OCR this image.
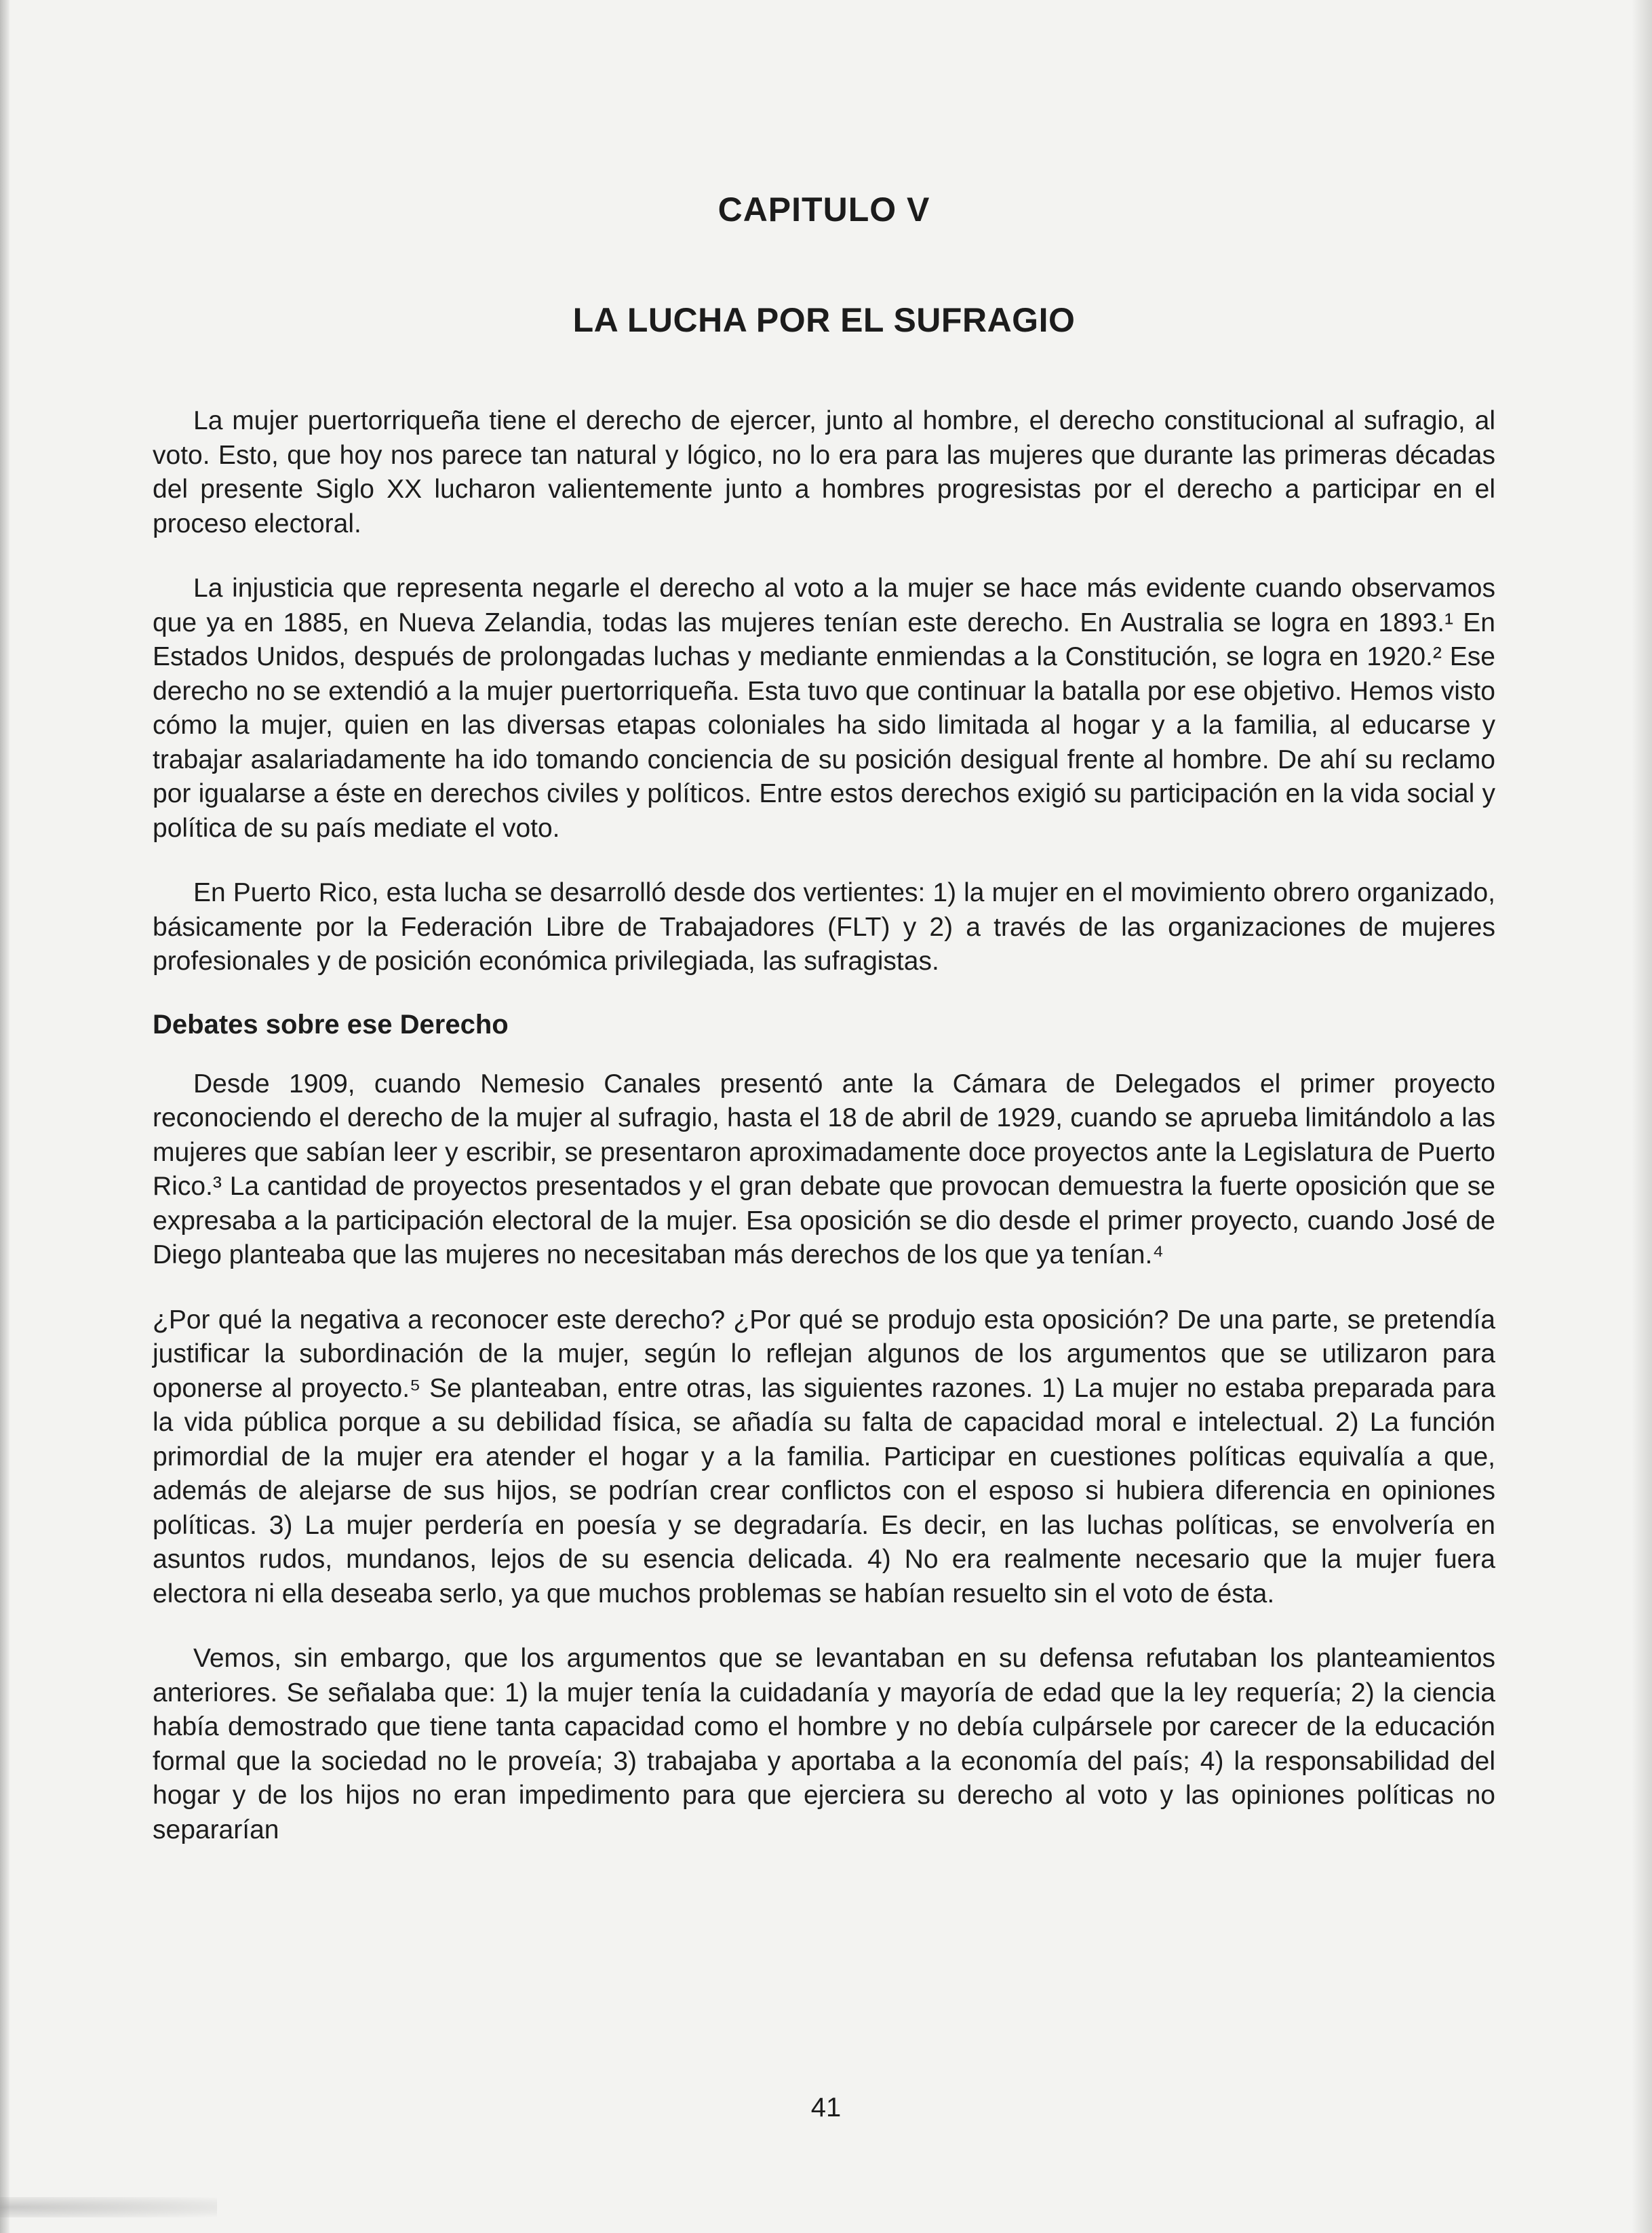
CAPITULO V
LA LUCHA POR EL SUFRAGIO

La mujer puertorriqueña tiene el derecho de ejercer, junto al hombre, el derecho constitucional al sufragio, al voto. Esto, que hoy nos parece tan natural y lógico, no lo era para las mujeres que durante las primeras décadas del presente Siglo XX lucharon valientemente junto a hombres progresistas por el derecho a participar en el proceso electoral.

La injusticia que representa negarle el derecho al voto a la mujer se hace más evidente cuando observamos que ya en 1885, en Nueva Zelandia, todas las mujeres tenían este derecho. En Australia se logra en 1893.¹ En Estados Unidos, después de prolongadas luchas y mediante enmiendas a la Constitución, se logra en 1920.² Ese derecho no se extendió a la mujer puertorriqueña. Esta tuvo que continuar la batalla por ese objetivo. Hemos visto cómo la mujer, quien en las diversas etapas coloniales ha sido limitada al hogar y a la familia, al educarse y trabajar asalariadamente ha ido tomando conciencia de su posición desigual frente al hombre. De ahí su reclamo por igualarse a éste en derechos civiles y políticos. Entre estos derechos exigió su participación en la vida social y política de su país mediate el voto.

En Puerto Rico, esta lucha se desarrolló desde dos vertientes: 1) la mujer en el movimiento obrero organizado, básicamente por la Federación Libre de Trabajadores (FLT) y 2) a través de las organizaciones de mujeres profesionales y de posición económica privilegiada, las sufragistas.

Debates sobre ese Derecho

Desde 1909, cuando Nemesio Canales presentó ante la Cámara de Delegados el primer proyecto reconociendo el derecho de la mujer al sufragio, hasta el 18 de abril de 1929, cuando se aprueba limitándolo a las mujeres que sabían leer y escribir, se presentaron aproximadamente doce proyectos ante la Legislatura de Puerto Rico.³ La cantidad de proyectos presentados y el gran debate que provocan demuestra la fuerte oposición que se expresaba a la participación electoral de la mujer. Esa oposición se dio desde el primer proyecto, cuando José de Diego planteaba que las mujeres no necesitaban más derechos de los que ya tenían.⁴

¿Por qué la negativa a reconocer este derecho? ¿Por qué se produjo esta oposición? De una parte, se pretendía justificar la subordinación de la mujer, según lo reflejan algunos de los argumentos que se utilizaron para oponerse al proyecto.⁵ Se planteaban, entre otras, las siguientes razones. 1) La mujer no estaba preparada para la vida pública porque a su debilidad física, se añadía su falta de capacidad moral e intelectual. 2) La función primordial de la mujer era atender el hogar y a la familia. Participar en cuestiones políticas equivalía a que, además de alejarse de sus hijos, se podrían crear conflictos con el esposo si hubiera diferencia en opiniones políticas. 3) La mujer perdería en poesía y se degradaría. Es decir, en las luchas políticas, se envolvería en asuntos rudos, mundanos, lejos de su esencia delicada. 4) No era realmente necesario que la mujer fuera electora ni ella deseaba serlo, ya que muchos problemas se habían resuelto sin el voto de ésta.

Vemos, sin embargo, que los argumentos que se levantaban en su defensa refutaban los planteamientos anteriores. Se señalaba que: 1) la mujer tenía la cuidadanía y mayoría de edad que la ley requería; 2) la ciencia había demostrado que tiene tanta capacidad como el hombre y no debía culpársele por carecer de la educación formal que la sociedad no le proveía; 3) trabajaba y aportaba a la economía del país; 4) la responsabilidad del hogar y de los hijos no eran impedimento para que ejerciera su derecho al voto y las opiniones políticas no separarían

41
